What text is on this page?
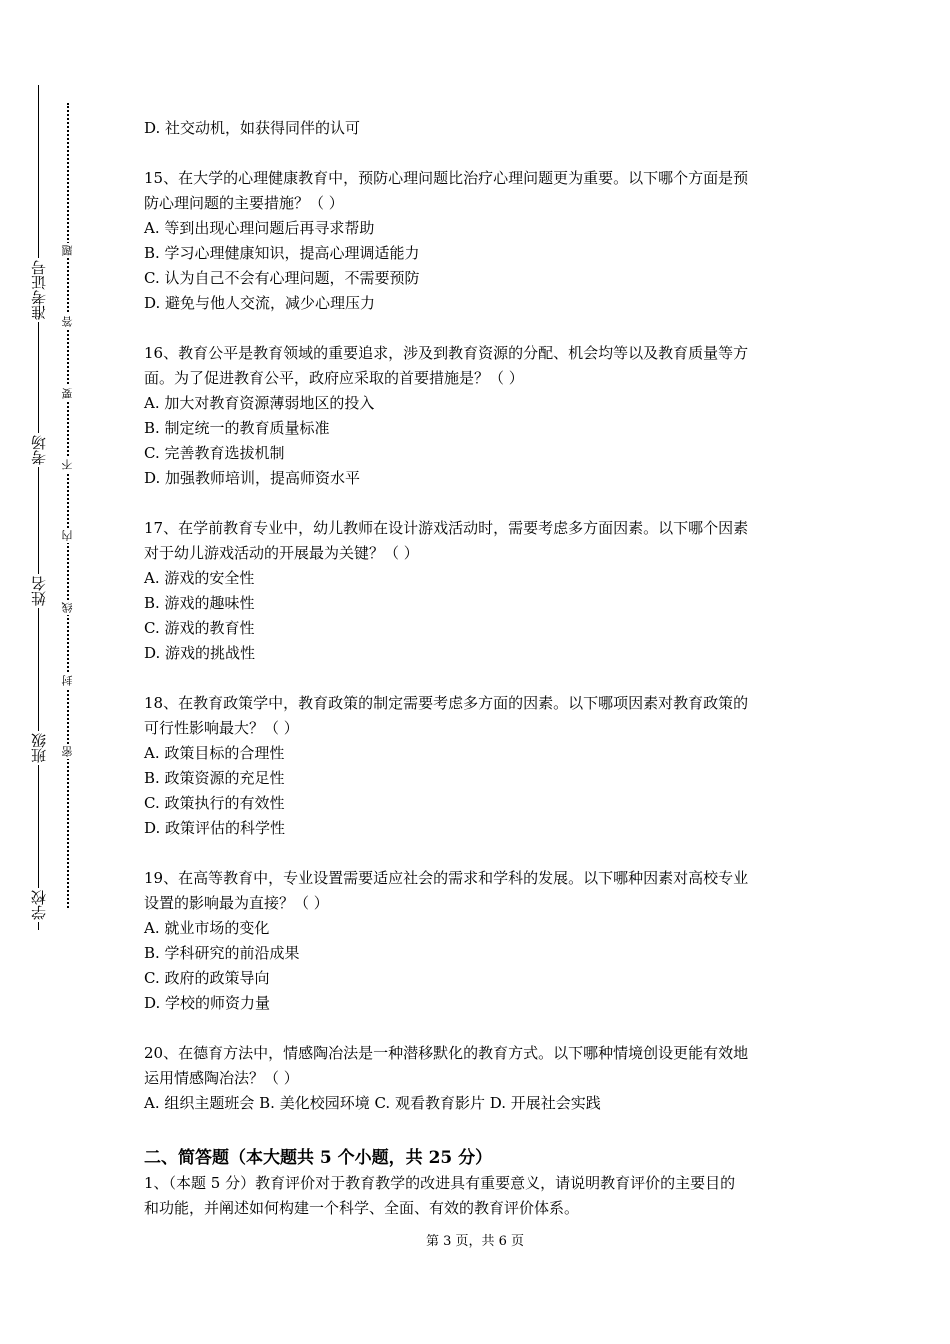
准考证号
考场
姓名
班级
学校
题
答
要
不
内
线
封
密
D. 社交动机，如获得同伴的认可
15、在大学的心理健康教育中，预防心理问题比治疗心理问题更为重要。以下哪个方面是预
防心理问题的主要措施？（ ）
A. 等到出现心理问题后再寻求帮助
B. 学习心理健康知识，提高心理调适能力
C. 认为自己不会有心理问题，不需要预防
D. 避免与他人交流，减少心理压力
16、教育公平是教育领域的重要追求，涉及到教育资源的分配、机会均等以及教育质量等方
面。为了促进教育公平，政府应采取的首要措施是？（ ）
A. 加大对教育资源薄弱地区的投入
B. 制定统一的教育质量标准
C. 完善教育选拔机制
D. 加强教师培训，提高师资水平
17、在学前教育专业中，幼儿教师在设计游戏活动时，需要考虑多方面因素。以下哪个因素
对于幼儿游戏活动的开展最为关键？（ ）
A. 游戏的安全性
B. 游戏的趣味性
C. 游戏的教育性
D. 游戏的挑战性
18、在教育政策学中，教育政策的制定需要考虑多方面的因素。以下哪项因素对教育政策的
可行性影响最大？（ ）
A. 政策目标的合理性
B. 政策资源的充足性
C. 政策执行的有效性
D. 政策评估的科学性
19、在高等教育中，专业设置需要适应社会的需求和学科的发展。以下哪种因素对高校专业
设置的影响最为直接？（ ）
A. 就业市场的变化
B. 学科研究的前沿成果
C. 政府的政策导向
D. 学校的师资力量
20、在德育方法中，情感陶冶法是一种潜移默化的教育方式。以下哪种情境创设更能有效地
运用情感陶冶法？（ ）
A. 组织主题班会 B. 美化校园环境 C. 观看教育影片 D. 开展社会实践
二、简答题（本大题共 5 个小题，共 25 分）
1、（本题 5 分）教育评价对于教育教学的改进具有重要意义，请说明教育评价的主要目的
和功能，并阐述如何构建一个科学、全面、有效的教育评价体系。
第 3 页，共 6 页
